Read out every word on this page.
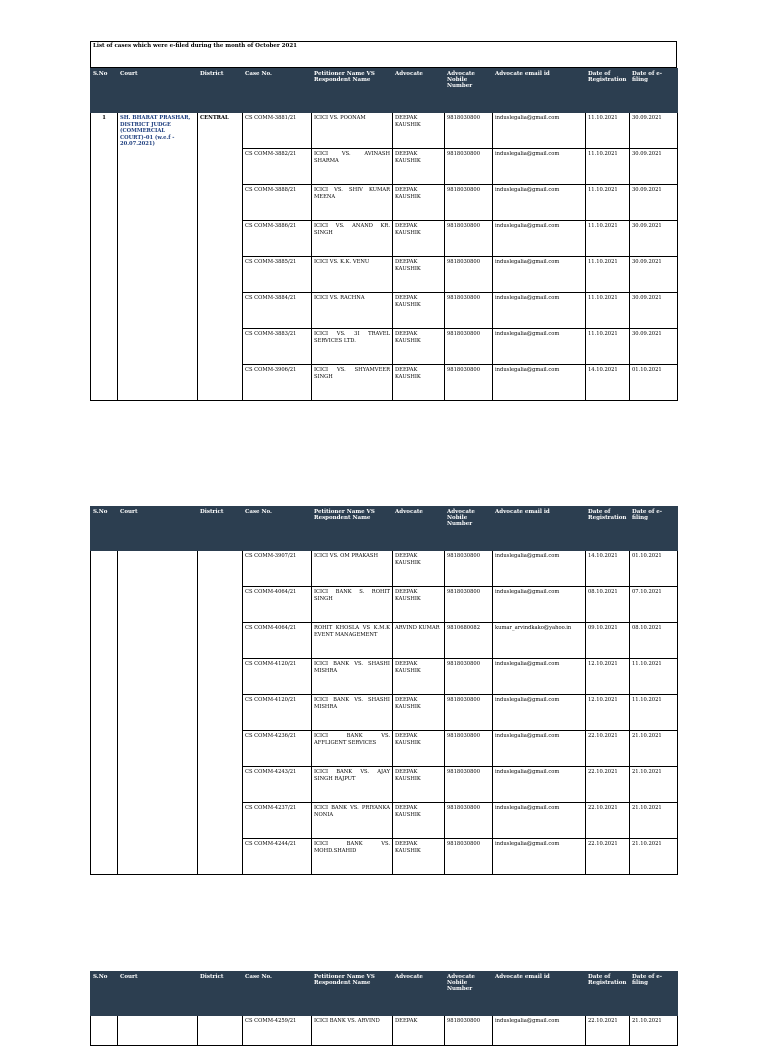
List of cases which were e-filed during the month of October 2021
S.No	Court	District	Case No.	Petitioner Name VS Respondent Name	Advocate	Advocate Nobile Number	Advocate email id	Date of Registration	Date of e-filing
1	SH. BHARAT PRASHAR, DISTRICT JUDGE (COMMERCIAL COURT)-01 (w.e.f - 20.07.2021)	CENTRAL	CS COMM-3881/21	ICICI VS. POONAM	DEEPAK KAUSHIK	9818030800	induslegalia@gmail.com	11.10.2021	30.09.2021
			CS COMM-3882/21	ICICI VS. AVINASH SHARMA	DEEPAK KAUSHIK	9818030800	induslegalia@gmail.com	11.10.2021	30.09.2021
			CS COMM-3888/21	ICICI VS. SHIV KUMAR MEENA	DEEPAK KAUSHIK	9818030800	induslegalia@gmail.com	11.10.2021	30.09.2021
			CS COMM-3886/21	ICICI VS. ANAND KR. SINGH	DEEPAK KAUSHIK	9818030800	induslegalia@gmail.com	11.10.2021	30.09.2021
			CS COMM-3885/21	ICICI VS. K.K. VENU	DEEPAK KAUSHIK	9818030800	induslegalia@gmail.com	11.10.2021	30.09.2021
			CS COMM-3884/21	ICICI VS. RACHNA	DEEPAK KAUSHIK	9818030800	induslegalia@gmail.com	11.10.2021	30.09.2021
			CS COMM-3883/21	ICICI VS. 3I TRAVEL SERVICES LTD.	DEEPAK KAUSHIK	9818030800	induslegalia@gmail.com	11.10.2021	30.09.2021
			CS COMM-3906/21	ICICI VS. SHYAMVEER SINGH	DEEPAK KAUSHIK	9818030800	induslegalia@gmail.com	14.10.2021	01.10.2021
S.No	Court	District	Case No.	Petitioner Name VS Respondent Name	Advocate	Advocate Nobile Number	Advocate email id	Date of Registration	Date of e-filing
			CS COMM-3907/21	ICICI VS. OM PRAKASH	DEEPAK KAUSHIK	9818030800	induslegalia@gmail.com	14.10.2021	01.10.2021
			CS COMM-4064/21	ICICI BANK S. ROHIT SINGH	DEEPAK KAUSHIK	9818030800	induslegalia@gmail.com	08.10.2021	07.10.2021
			CS COMM-4064/21	ROHIT KHOSLA VS K.M.K EVENT MANAGEMENT	ARVIND KUMAR	9810680082	kumar_arvindkako@yahoo.in	09.10.2021	08.10.2021
			CS COMM-4120/21	ICICI BANK VS. SHASHI MISHRA	DEEPAK KAUSHIK	9818030800	induslegalia@gmail.com	12.10.2021	11.10.2021
			CS COMM-4120/21	ICICI BANK VS. SHASHI MISHRA	DEEPAK KAUSHIK	9818030800	induslegalia@gmail.com	12.10.2021	11.10.2021
			CS COMM-4236/21	ICICI BANK VS. AFFLIGENT SERVICES	DEEPAK KAUSHIK	9818030800	induslegalia@gmail.com	22.10.2021	21.10.2021
			CS COMM-4243/21	ICICI BANK VS. AJAY SINGH RAJPUT	DEEPAK KAUSHIK	9818030800	induslegalia@gmail.com	22.10.2021	21.10.2021
			CS COMM-4237/21	ICICI BANK VS. PRIYANKA NONIA	DEEPAK KAUSHIK	9818030800	induslegalia@gmail.com	22.10.2021	21.10.2021
			CS COMM-4244/21	ICICI BANK VS. MOHD.SHAHID	DEEPAK KAUSHIK	9818030800	induslegalia@gmail.com	22.10.2021	21.10.2021
S.No	Court	District	Case No.	Petitioner Name VS Respondent Name	Advocate	Advocate Nobile Number	Advocate email id	Date of Registration	Date of e-filing
			CS COMM-4259/21	ICICI BANK VS. ARVIND	DEEPAK	9818030800	induslegalia@gmail.com	22.10.2021	21.10.2021
